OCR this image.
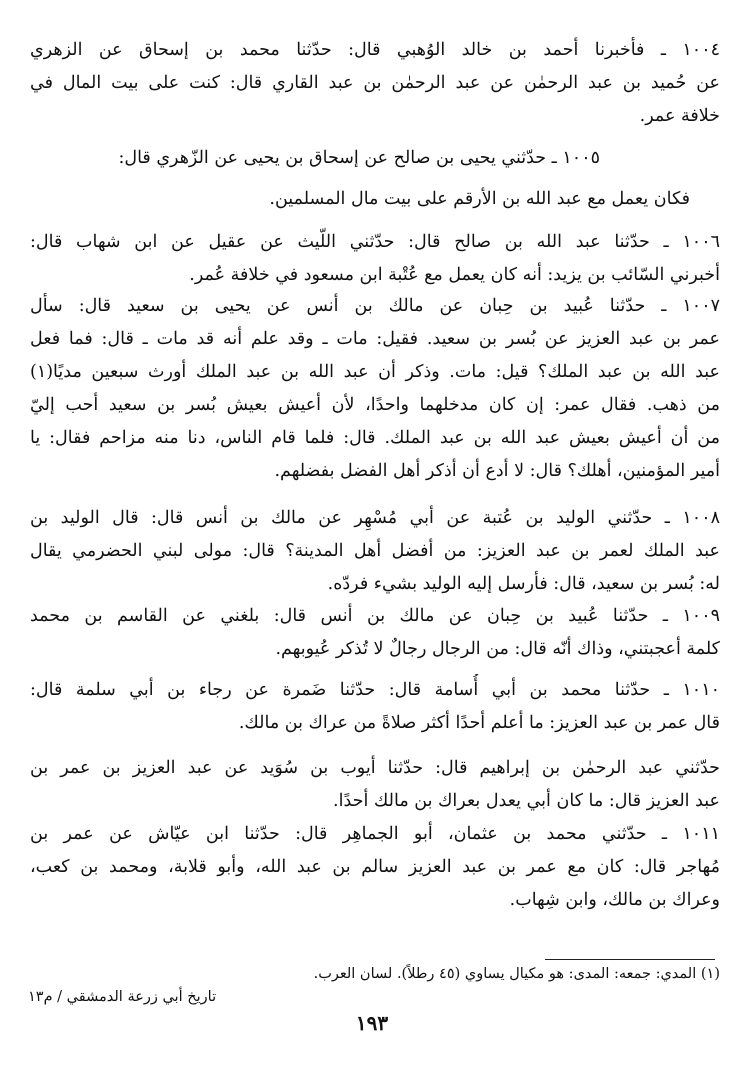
١٠٠٤ ـ فأخبرنا أحمد بن خالد الوُهبي قال: حدّثنا محمد بن إسحاق عن الزهري
عن حُميد بن عبد الرحمٰن عن عبد الرحمٰن بن عبد القاري قال: كنت على بيت المال في
خلافة عمر.
١٠٠٥ ـ حدّثني يحيى بن صالح عن إسحاق بن يحيى عن الزّهري قال:
فكان يعمل مع عبد الله بن الأرقم على بيت مال المسلمين.
١٠٠٦ ـ حدّثنا عبد الله بن صالح قال: حدّثني اللّيث عن عقيل عن ابن شهاب قال:
أخبرني السّائب بن يزيد: أنه كان يعمل مع عُتْبة ابن مسعود في خلافة عُمر.
١٠٠٧ ـ حدّثنا عُبيد بن حِبان عن مالك بن أنس عن يحيى بن سعيد قال: سأل
عمر بن عبد العزيز عن بُسر بن سعيد. فقيل: مات ـ وقد علم أنه قد مات ـ قال: فما فعل
عبد الله بن عبد الملك؟ قيل: مات. وذكر أن عبد الله بن عبد الملك أورث سبعين مديًا(١)
من ذهب. فقال عمر: إن كان مدخلهما واحدًا، لأن أعيش بعيش بُسر بن سعيد أحب إليّ
من أن أعيش بعيش عبد الله بن عبد الملك. قال: فلما قام الناس، دنا منه مزاحم فقال: يا
أمير المؤمنين، أهلك؟ قال: لا أدع أن أذكر أهل الفضل بفضلهم.
١٠٠٨ ـ حدّثني الوليد بن عُتبة عن أبي مُسْهِر عن مالك بن أنس قال: قال الوليد بن
عبد الملك لعمر بن عبد العزيز: من أفضل أهل المدينة؟ قال: مولى لبني الحضرمي يقال
له: بُسر بن سعيد، قال: فأرسل إليه الوليد بشيء فردّه.
١٠٠٩ ـ حدّثنا عُبيد بن حِبان عن مالك بن أنس قال: بلغني عن القاسم بن محمد
كلمة أعجبتني، وذاك أنّه قال: من الرجال رجالٌ لا تُذكر عُيوبهم.
١٠١٠ ـ حدّثنا محمد بن أبي أُسامة قال: حدّثنا ضَمرة عن رجاء بن أبي سلمة قال:
قال عمر بن عبد العزيز: ما أعلم أحدًا أكثر صلاةً من عراك بن مالك.
حدّثني عبد الرحمٰن بن إبراهيم قال: حدّثنا أيوب بن سُوَيد عن عبد العزيز بن عمر بن
عبد العزيز قال: ما كان أبي يعدل بعراك بن مالك أحدًا.
١٠١١ ـ حدّثني محمد بن عثمان، أبو الجماهِر قال: حدّثنا ابن عيّاش عن عمر بن
مُهاجر قال: كان مع عمر بن عبد العزيز سالم بن عبد الله، وأبو قلابة، ومحمد بن كعب،
وعراك بن مالك، وابن شِهاب.
(١) المدي: جمعه: المدى: هو مكيال يساوي (٤٥ رطلاً). لسان العرب.
تاريخ أبي زرعة الدمشقي / م١٣
١٩٣
